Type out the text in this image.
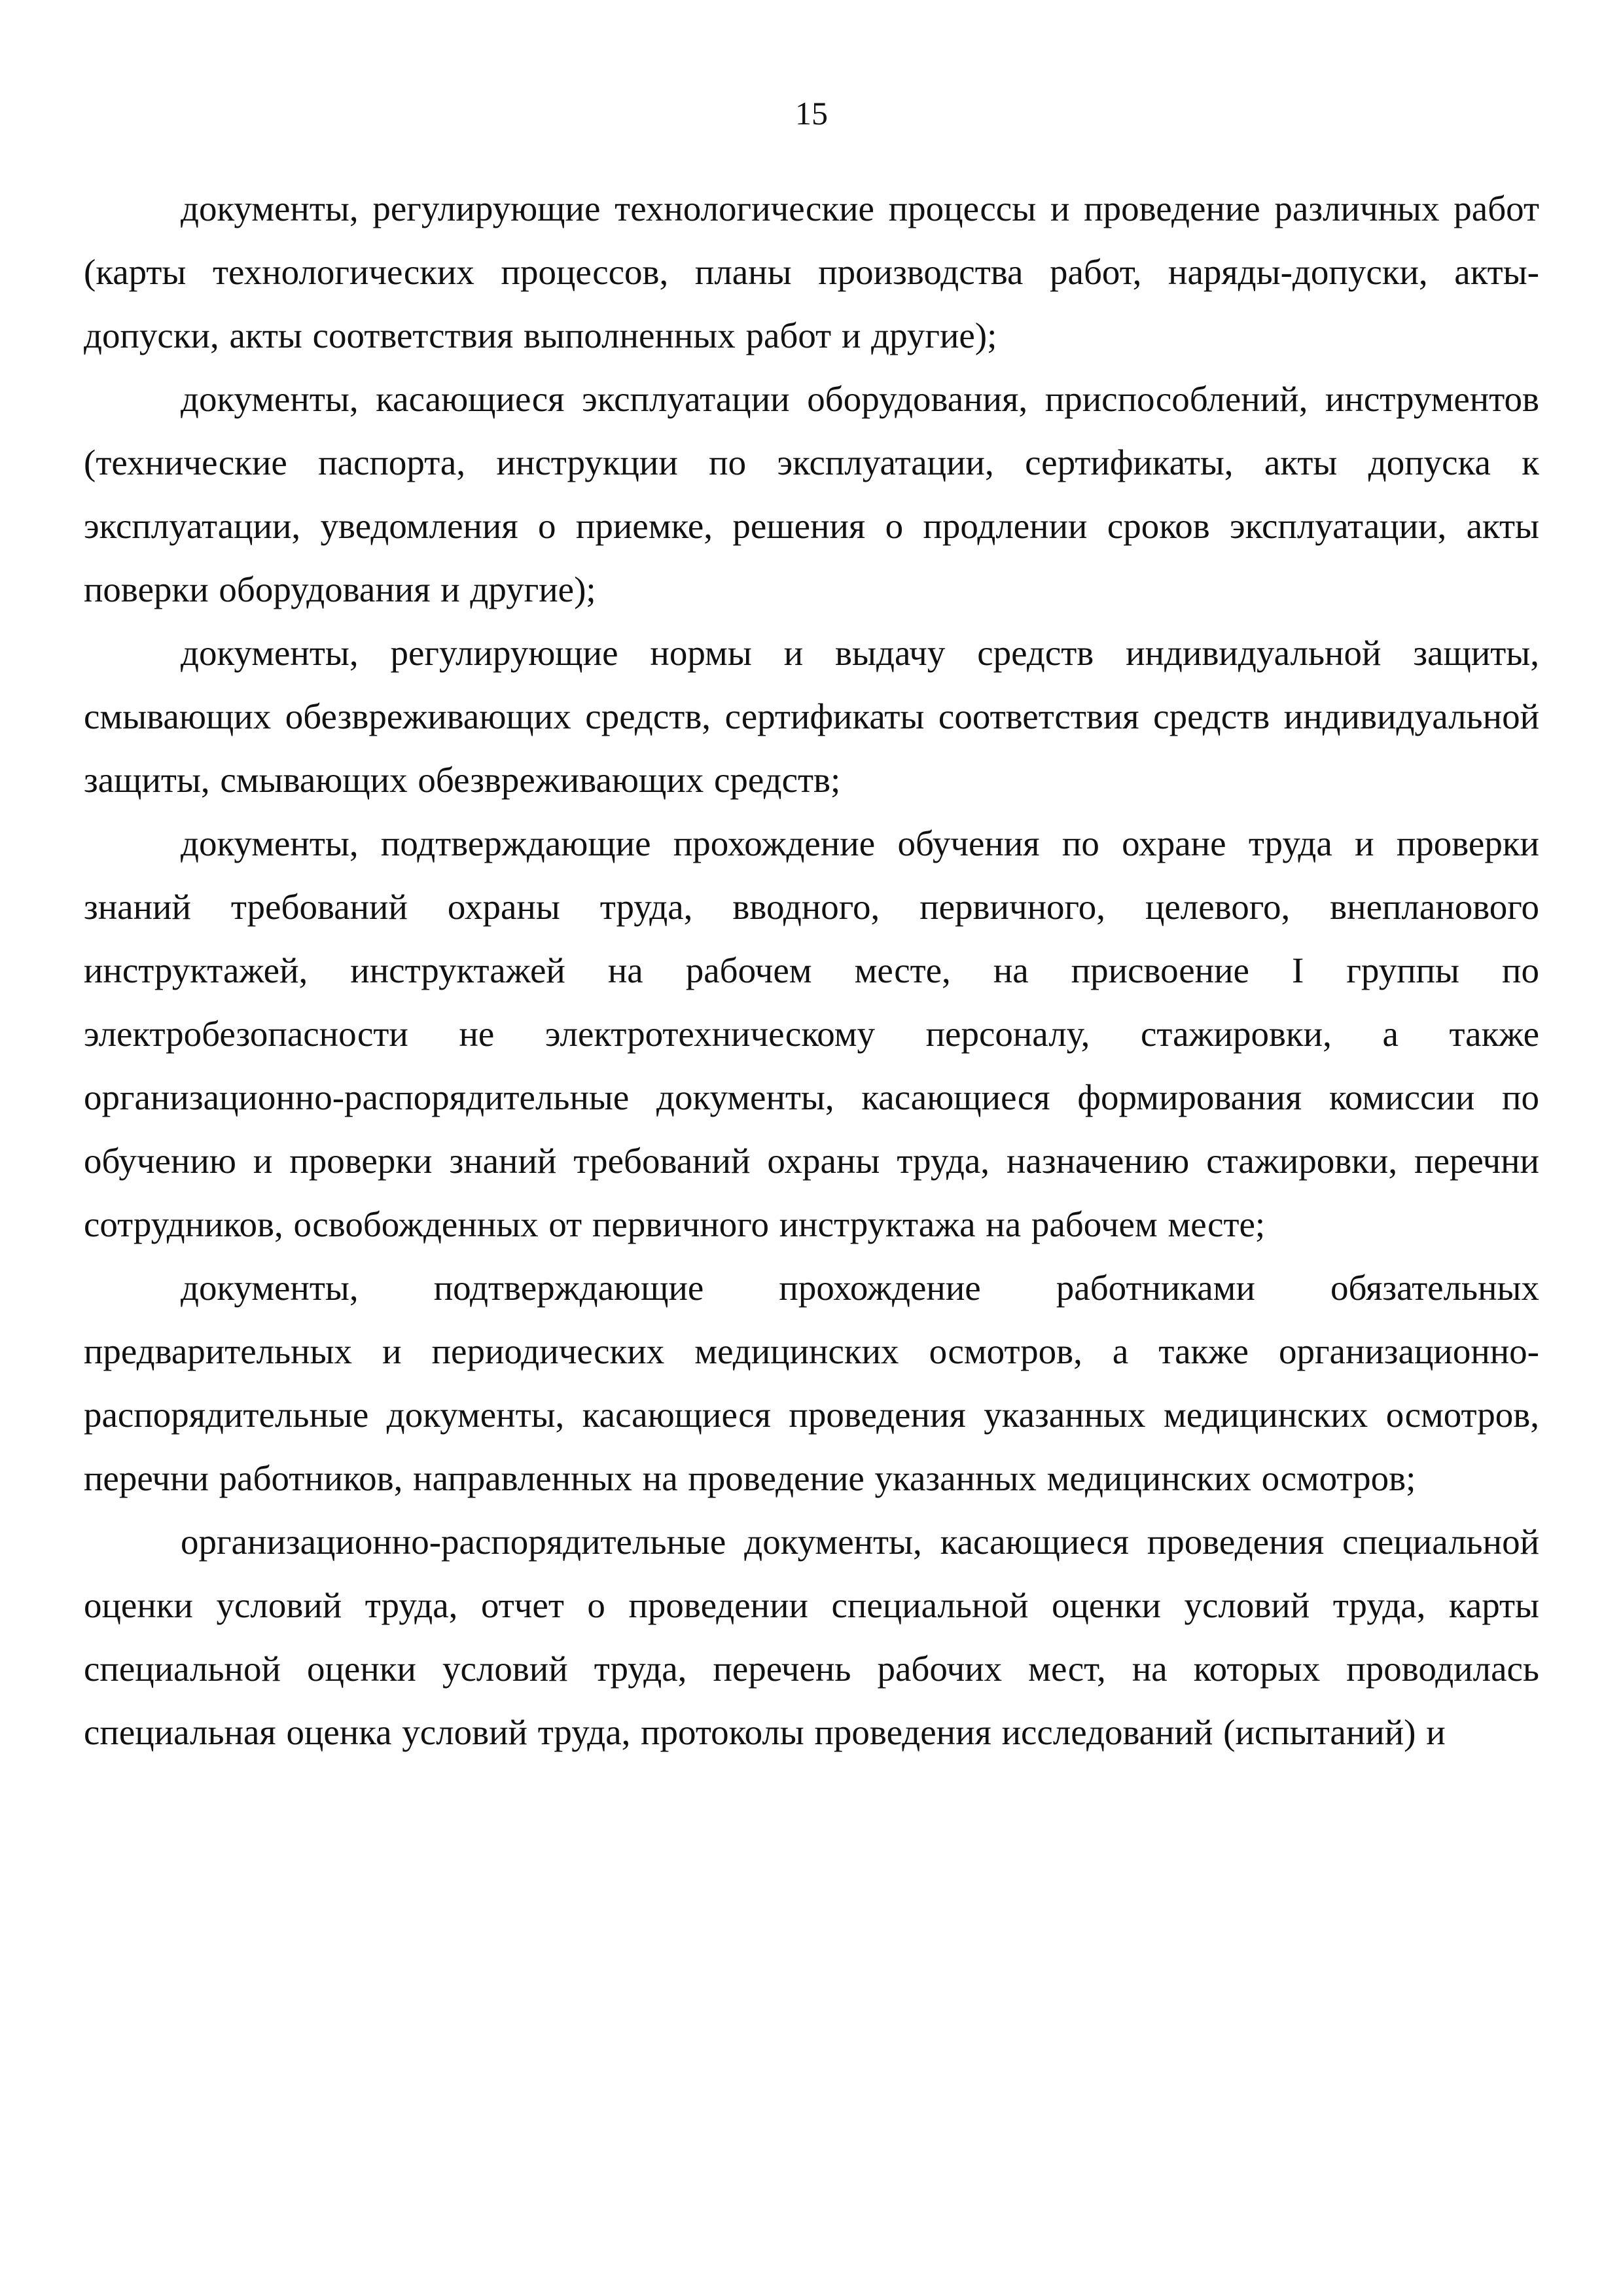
15

документы, регулирующие технологические процессы и проведение различных работ (карты технологических процессов, планы производства работ, наряды-допуски, акты-допуски, акты соответствия выполненных работ и другие);

документы, касающиеся эксплуатации оборудования, приспособлений, инструментов (технические паспорта, инструкции по эксплуатации, сертификаты, акты допуска к эксплуатации, уведомления о приемке, решения о продлении сроков эксплуатации, акты поверки оборудования и другие);

документы, регулирующие нормы и выдачу средств индивидуальной защиты, смывающих обезвреживающих средств, сертификаты соответствия средств индивидуальной защиты, смывающих обезвреживающих средств;

документы, подтверждающие прохождение обучения по охране труда и проверки знаний требований охраны труда, вводного, первичного, целевого, внепланового инструктажей, инструктажей на рабочем месте, на присвоение I группы по электробезопасности не электротехническому персоналу, стажировки, а также организационно-распорядительные документы, касающиеся формирования комиссии по обучению и проверки знаний требований охраны труда, назначению стажировки, перечни сотрудников, освобожденных от первичного инструктажа на рабочем месте;

документы, подтверждающие прохождение работниками обязательных предварительных и периодических медицинских осмотров, а также организационно-распорядительные документы, касающиеся проведения указанных медицинских осмотров, перечни работников, направленных на проведение указанных медицинских осмотров;

организационно-распорядительные документы, касающиеся проведения специальной оценки условий труда, отчет о проведении специальной оценки условий труда, карты специальной оценки условий труда, перечень рабочих мест, на которых проводилась специальная оценка условий труда, протоколы проведения исследований (испытаний) и
